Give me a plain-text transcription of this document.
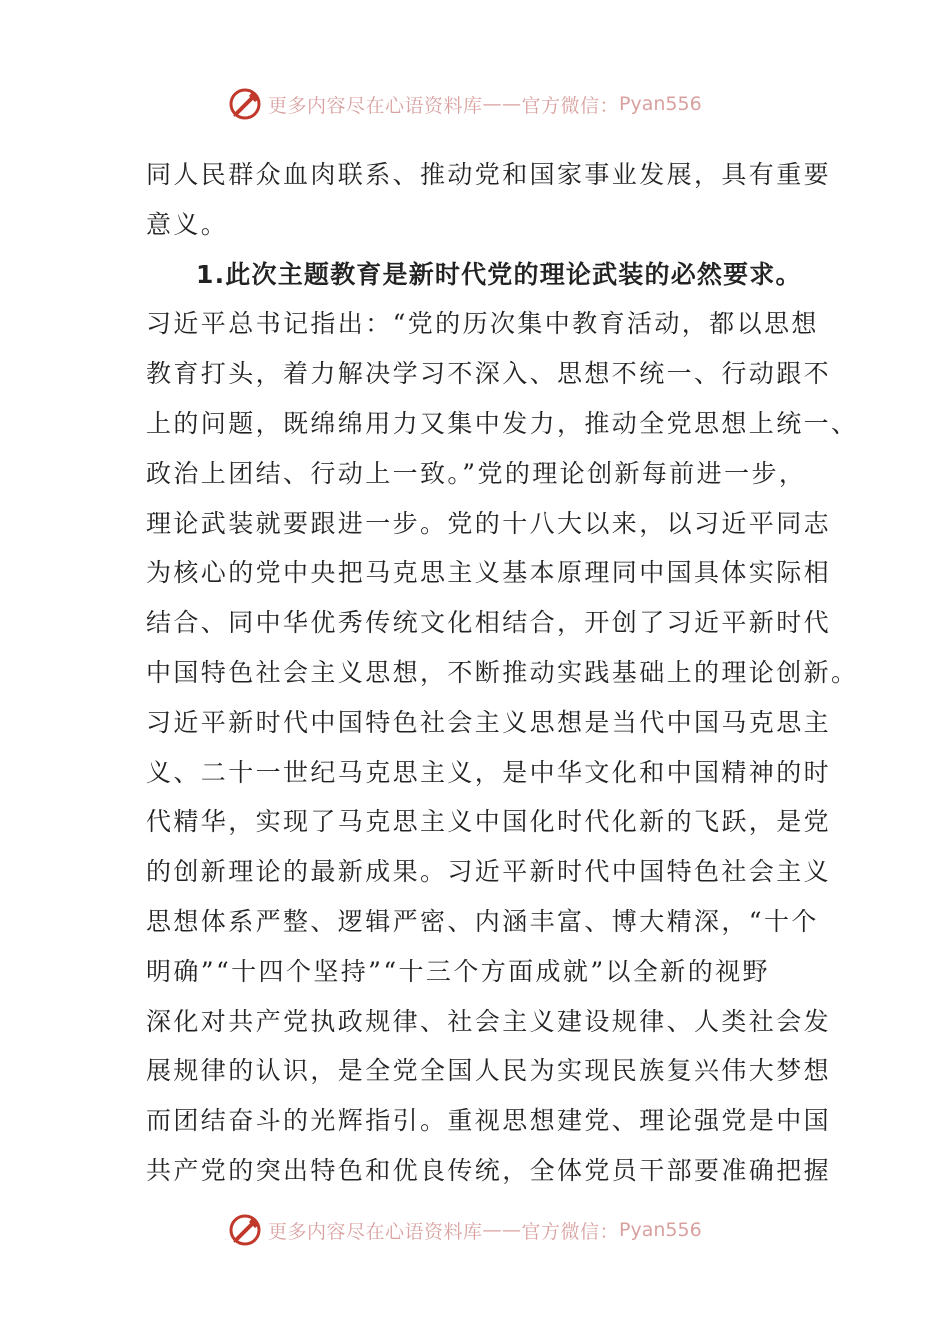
更多内容尽在心语资料库 —— 官方微信： Pyan556
同人民群众血肉联系、推动党和国家事业发展，具有重要
意义。
1.此次主题教育是新时代党的理论武装的必然要求。
习近平总书记指出：“党的历次集中教育活动，都以思想
教育打头，着力解决学习不深入、思想不统一、行动跟不
上的问题，既绵绵用力又集中发力，推动全党思想上统一、
政治上团结、行动上一致。”党的理论创新每前进一步，
理论武装就要跟进一步。党的十八大以来，以习近平同志
为核心的党中央把马克思主义基本原理同中国具体实际相
结合、同中华优秀传统文化相结合，开创了习近平新时代
中国特色社会主义思想，不断推动实践基础上的理论创新。
习近平新时代中国特色社会主义思想是当代中国马克思主
义、二十一世纪马克思主义，是中华文化和中国精神的时
代精华，实现了马克思主义中国化时代化新的飞跃，是党
的创新理论的最新成果。习近平新时代中国特色社会主义
思想体系严整、逻辑严密、内涵丰富、博大精深，“十个
明确”“十四个坚持”“十三个方面成就”以全新的视野
深化对共产党执政规律、社会主义建设规律、人类社会发
展规律的认识，是全党全国人民为实现民族复兴伟大梦想
而团结奋斗的光辉指引。重视思想建党、理论强党是中国
共产党的突出特色和优良传统，全体党员干部要准确把握
更多内容尽在心语资料库 —— 官方微信： Pyan556
